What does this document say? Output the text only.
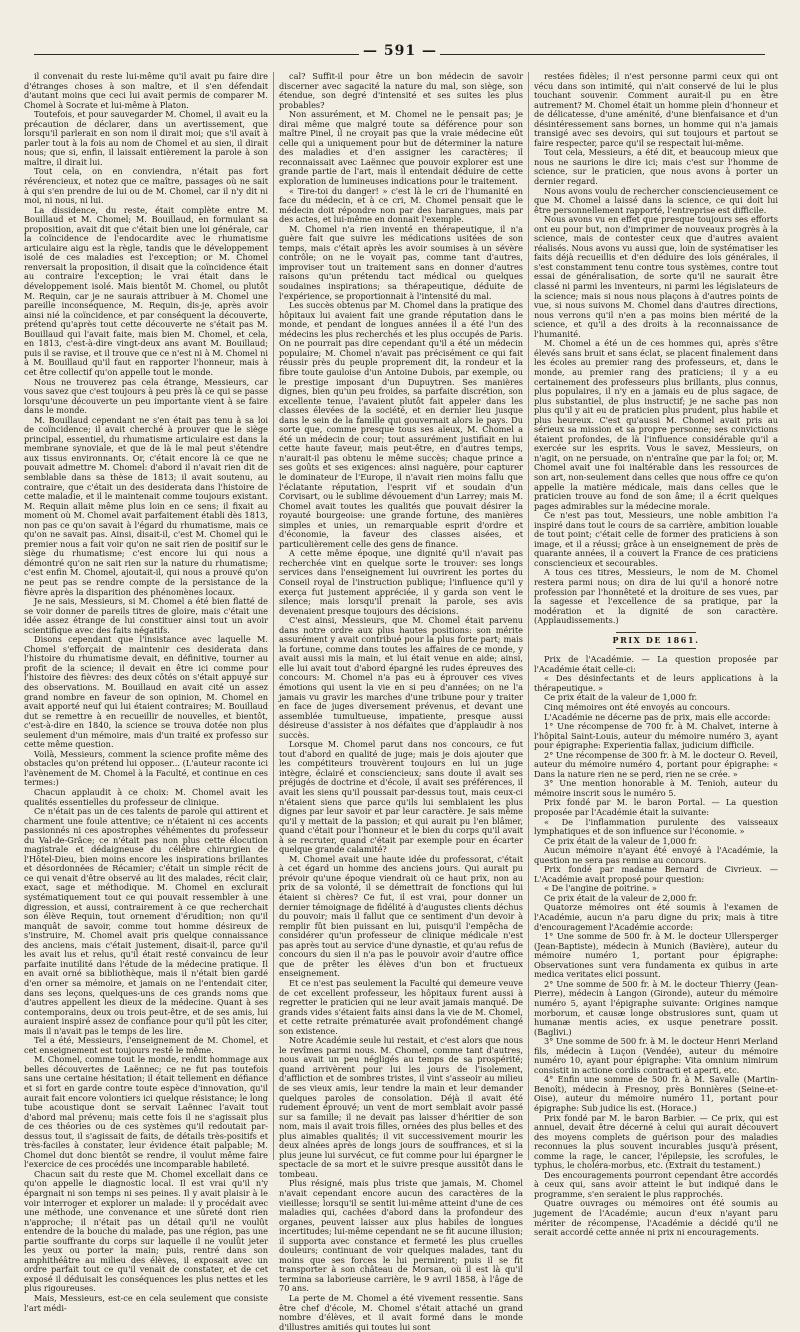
— 591 —

il convenait du reste lui-même qu'il avait pu faire dire d'étranges choses à son maître, et il s'en défendait d'autant moins que ceci lui avait permis de comparer M. Chomel à Socrate et lui-même à Platon.

Toutefois, et pour sauvegarder M. Chomel, il avait eu la précaution de déclarer, dans un avertissement, que lorsqu'il parlerait en son nom il dirait moi; que s'il avait à parler tout à la fois au nom de Chomel et au sien, il dirait nous; que si, enfin, il laissait entièrement la parole à son maître, il dirait lui.

Tout cela, on en conviendra, n'était pas fort révérencieux, et notez que ce maître, passages où ne sait à qui s'en prendre de lui ou de M. Chomel, car il n'y dit ni moi, ni nous, ni lui.

La dissidence, du reste, était complète entre M. Bouillaud et M. Chomel; M. Bouillaud, en formulant sa proposition, avait dit que c'était bien une loi générale, car la coïncidence de l'endocardite avec le rhumatisme articulaire aigu est la règle, tandis que le développement isolé de ces maladies est l'exception; or M. Chomel renversait la proposition, il disait que la coïncidence était au contraire l'exception; le vrai était dans le développement isolé. Mais bientôt M. Chomel, ou plutôt M. Requin, car je ne saurais attribuer à M. Chomel une pareille inconséquence, M. Requin, dis-je, après avoir ainsi nié la coïncidence, et par conséquent la découverte, prétend qu'après tout cette découverte ne s'était pas M. Bouillaud qui l'avait faite, mais bien M. Chomel, et cela, en 1813, c'est-à-dire vingt-deux ans avant M. Bouillaud; puis il se ravise, et il trouve que ce n'est ni à M. Chomel ni à M. Bouillaud qu'il faut en rapporter l'honneur, mais à cet être collectif qu'on appelle tout le monde.

Nous ne trouverez pas cela étrange, Messieurs, car vous savez que c'est toujours à peu près là ce qui se passe lorsqu'une découverte un peu importante vient à se faire dans le monde.

M. Bouillaud cependant ne s'en était pas tenu à sa loi de coïncidence; il avait cherché à prouver que le siège principal, essentiel, du rhumatisme articulaire est dans la membrane synoviale, et que de là le mal peut s'étendre aux tissus environnants. Or, c'était encore là ce que ne pouvait admettre M. Chomel: d'abord il n'avait rien dit de semblable dans sa thèse de 1813; il avait soutenu, au contraire, que c'était un des desiderata dans l'histoire de cette maladie, et il le maintenait comme toujours existant. M. Requin allait même plus loin en ce sens; il fixait au moment où M. Chomel avait parfaitement établi dès 1813, non pas ce qu'on savait à l'égard du rhumatisme, mais ce qu'on ne savait pas. Ainsi, disait-il, c'est M. Chomel qui le premier nous a fait voir qu'on ne sait rien de positif sur le siège du rhumatisme; c'est encore lui qui nous a démontré qu'on ne sait rien sur la nature du rhumatisme; c'est enfin M. Chomel, ajoutait-il, qui nous a prouvé qu'on ne peut pas se rendre compte de la persistance de la fièvre après la disparition des phénomènes locaux.

Je ne sais, Messieurs, si M. Chomel a été bien flatté de se voir donner de pareils titres de gloire, mais c'était une idée assez étrange de lui constituer ainsi tout un avoir scientifique avec des faits négatifs.

Disons cependant que l'insistance avec laquelle M. Chomel s'efforçait de maintenir ces desiderata dans l'histoire du rhumatisme devait, en définitive, tourner au profit de la science; il devait en être ici comme pour l'histoire des fièvres: des deux côtés on s'était appuyé sur des observations. M. Bouillaud en avait cité un assez grand nombre en faveur de son opinion, M. Chomel en avait apporté neuf qui lui étaient contraires; M. Bouillaud dut se remettre à en recueillir de nouvelles, et bientôt, c'est-à-dire en 1840, la science se trouva dotée non plus seulement d'un mémoire, mais d'un traité ex professo sur cette même question.

Voilà, Messieurs, comment la science profite même des obstacles qu'on prétend lui opposer... (L'auteur raconte ici l'avènement de M. Chomel à la Faculté, et continue en ces termes:)

Chacun applaudit à ce choix: M. Chomel avait les qualités essentielles du professeur de clinique.

Ce n'était pas un de ces talents de parole qui attirent et charment une foule attentive; ce n'étaient ni ces accents passionnés ni ces apostrophes véhémentes du professeur du Val-de-Grâce; ce n'était pas non plus cette élocution magistrale et dédaigneuse du célèbre chirurgien de l'Hôtel-Dieu, bien moins encore les inspirations brillantes et désordonnées de Récamier; c'était un simple récit de ce qui venait d'être observé au lit des malades, récit clair, exact, sage et méthodique. M. Chomel en exclurait systématiquement tout ce qui pouvait ressembler à une digression, et aussi, contrairement à ce que recherchait son élève Requin, tout ornement d'érudition; non qu'il manquât de savoir, comme tout homme désireux de s'instruire, M. Chomel avait pris quelque connaissance des anciens, mais c'était justement, disait-il, parce qu'il les avait lus et relus, qu'il était resté convaincu de leur parfaite inutilité dans l'étude de la médecine pratique. Il en avait orné sa bibliothèque, mais il n'était bien gardé d'en orner sa mémoire, et jamais on ne l'entendait citer, dans ses leçons, quelques-uns de ces grands noms que d'autres appellent les dieux de la médecine. Quant à ses contemporains, deux ou trois peut-être, et de ses amis, lui auraient inspiré assez de confiance pour qu'il pût les citer, mais il n'avait pas le temps de les lire.

Tel a été, Messieurs, l'enseignement de M. Chomel, et cet enseignement est toujours resté le même.

M. Chomel, comme tout le monde, rendit hommage aux belles découvertes de Laënnec; ce ne fut pas toutefois sans une certaine hésitation; il était tellement en défiance et si fort en garde contre toute espèce d'innovation, qu'il aurait fait encore volontiers ici quelque résistance; le long tube acoustique dont se servait Laënnec l'avait tout d'abord mal prévenu; mais cette fois il ne s'agissait plus de ces théories ou de ces systèmes qu'il redoutait par-dessus tout, il s'agissait de faits, de détails très-positifs et très-faciles à constater, leur évidence était palpable; M. Chomel dut donc bientôt se rendre, il voulut même faire l'exercice de ces procédés une incomparable habileté.

Chacun sait du reste que M. Chomel excellait dans ce qu'on appelle le diagnostic local. Il est vrai qu'il n'y épargnait ni son temps ni ses peines. Il y avait plaisir à le voir interroger et explorer un malade: il y procédait avec une méthode, une convenance et une sûreté dont rien n'approche; il n'était pas un détail qu'il ne voulût entendre de la bouche du malade, pas une région, pas une partie souffrante du corps sur laquelle il ne voulût jeter les yeux ou porter la main; puis, rentré dans son amphithéâtre au milieu des élèves, il exposait avec un ordre parfait tout ce qu'il venait de constater, et de cet exposé il déduisait les conséquences les plus nettes et les plus rigoureuses.

Mais, Messieurs, est-ce en cela seulement que consiste l'art médi-

cal? Suffit-il pour être un bon médecin de savoir discerner avec sagacité la nature du mal, son siège, son étendue, son degré d'intensité et ses suites les plus probables?

Non assurément, et M. Chomel ne le pensait pas; je dirai même que malgré toute sa déférence pour son maître Pinel, il ne croyait pas que la vraie médecine eût celle qui a uniquement pour but de déterminer la nature des maladies et d'en assigner les caractères; il reconnaissait avec Laënnec que pouvoir explorer est une grande partie de l'art, mais il entendait déduire de cette exploration de lumineuses indications pour le traitement.

« Tire-toi du danger! » c'est là le cri de l'humanité en face du médecin, et à ce cri, M. Chomel pensait que le médecin doit répondre non par des harangues, mais par des actes, et lui-même en donnait l'exemple.

M. Chomel n'a rien inventé en thérapeutique, il n'a guère fait que suivre les médications usitées de son temps, mais c'était après les avoir soumises à un sévère contrôle; on ne le voyait pas, comme tant d'autres, improviser tout un traitement sans en donner d'autres raisons qu'un prétendu tact médical ou quelques soudaines inspirations; sa thérapeutique, déduite de l'expérience, se proportionnait à l'intensité du mal.

Les succès obtenus par M. Chomel dans la pratique des hôpitaux lui avaient fait une grande réputation dans le monde, et pendant de longues années il a été l'un des médecins les plus recherchés et les plus occupés de Paris. On ne pourrait pas dire cependant qu'il a été un médecin populaire; M. Chomel n'avait pas précisément ce qui fait réussir près du peuple proprement dit, la rondeur et la fibre toute gauloise d'un Antoine Dubois, par exemple, ou le prestige imposant d'un Dupuytren. Ses manières dignes, bien qu'un peu froides, sa parfaite discrétion, son excellente tenue, l'avaient plutôt fait appeler dans les classes élevées de la société, et en dernier lieu jusque dans le sein de la famille qui gouvernait alors le pays. Du sorte que, comme presque tous ses aïeux, M. Chomel a été un médecin de cour; tout assurément justifiait en lui cette haute faveur, mais peut-être, en d'autres temps, n'aurait-il pas obtenu le même succès; chaque prince a ses goûts et ses exigences: ainsi naguère, pour capturer le dominateur de l'Europe, il n'avait rien moins fallu que l'éclatante réputation, l'esprit vif et soudain d'un Corvisart, ou le sublime dévouement d'un Larrey; mais M. Chomel avait toutes les qualités que pouvait désirer la royauté bourgeoise: une grande fortune, des manières simples et unies, un remarquable esprit d'ordre et d'économie, la faveur des classes aisées, et particulièrement celle des gens de finance.

A cette même époque, une dignité qu'il n'avait pas recherchée vint en quelque sorte le trouver: ses longs services dans l'enseignement lui ouvrirent les portes du Conseil royal de l'instruction publique; l'influence qu'il y exerça fut justement appréciée, il y garda son vent le silence; mais lorsqu'il prenait la parole, ses avis devenaient presque toujours des décisions.

C'est ainsi, Messieurs, que M. Chomel était parvenu dans notre ordre aux plus hautes positions: son mérite assurément y avait contribué pour la plus forte part; mais la fortune, comme dans toutes les affaires de ce monde, y avait aussi mis la main, et lui était venue en aide; ainsi, elle lui avait tout d'abord épargné les rudes épreuves des concours: M. Chomel n'a pas eu à éprouver ces vives émotions qui usent la vie en si peu d'années; on ne l'a jamais vu gravir les marches d'une tribune pour y traiter en face de juges diversement prévenus, et devant une assemblée tumultueuse, impatiente, presque aussi désireuse d'assister à nos défaites que d'applaudir à nos succès.

Lorsque M. Chomel parut dans nos concours, ce fut tout d'abord en qualité de juge; mais je dois ajouter que les compétiteurs trouvèrent toujours en lui un juge intègre, éclairé et consciencieux; sans doute il avait ses préjugés de doctrine et d'école, il avait ses préférences, il avait les siens qu'il poussait par-dessus tout, mais ceux-ci n'étaient siens que parce qu'ils lui semblaient les plus dignes par leur savoir et par leur caractère. Je sais même qu'il y mettait de la passion; et qui aurait pu l'en blâmer, quand c'était pour l'honneur et le bien du corps qu'il avait à se recruter, quand c'était par exemple pour en écarter quelque grande calamité?

M. Chomel avait une haute idée du professorat, c'était à cet égard un homme des anciens jours. Qui aurait pu prévoir qu'une époque viendrait où ce haut prix, non au prix de sa volonté, il se démettrait de fonctions qui lui étaient si chères? Ce fut, il est vrai, pour donner un dernier témoignage de fidélité à d'augustes clients déchus du pouvoir; mais il fallut que ce sentiment d'un devoir à remplir fût bien puissant en lui, puisqu'il l'empêcha de considérer qu'un professeur de clinique médicale n'est pas après tout au service d'une dynastie, et qu'au refus de concours du sien il n'a pas le pouvoir avoir d'autre office que de prêter les élèves d'un bon et fructueux enseignement.

Et ce n'est pas seulement la Faculté qui demeure veuve de cet excellent professeur, les hôpitaux furent aussi à regretter le praticien qui ne leur avait jamais manqué. De grands vides s'étaient faits ainsi dans la vie de M. Chomel, et cette retraite prématurée avait profondément changé son existence.

Notre Académie seule lui restait, et c'est alors que nous le revîmes parmi nous. M. Chomel, comme tant d'autres, nous avait un peu négligés au temps de sa prospérité; quand arrivèrent pour lui les jours de l'isolement, d'affliction et de sombres tristes, il vint s'asseoir au milieu de ses vieux amis, leur tendre la main et leur demander quelques paroles de consolation. Déjà il avait été rudement éprouvé; un vent de mort semblait avoir passé sur sa famille; il ne devait pas laisser d'héritier de son nom, mais il avait trois filles, ornées des plus belles et des plus aimables qualités; il vit successivement mourir les deux aînées après de longs jours de souffrances, et si la plus jeune lui survécut, ce fut comme pour lui épargner le spectacle de sa mort et le suivre presque aussitôt dans le tombeau.

Plus résigné, mais plus triste que jamais, M. Chomel n'avait cependant encore aucun des caractères de la vieillesse; lorsqu'il se sentit lui-même atteint d'une de ces maladies qui, cachées d'abord dans la profondeur des organes, peuvent laisser aux plus habiles de longues incertitudes; lui-même cependant ne se fit aucune illusion; il supporta avec constance et fermeté les plus cruelles douleurs; continuant de voir quelques malades, tant du moins que ses forces le lui permirent; puis il se fit transporter à son château de Morsan, où il est là qu'il termina sa laborieuse carrière, le 9 avril 1858, à l'âge de 70 ans.

La perte de M. Chomel a été vivement ressentie. Sans être chef d'école, M. Chomel s'était attaché un grand nombre d'élèves, et il avait formé dans le monde d'illustres amitiés qui toutes lui sont

restées fidèles; il n'est personne parmi ceux qui ont vécu dans son intimité, qui n'ait conservé de lui le plus touchant souvenir. Comment aurait-il pu en être autrement? M. Chomel était un homme plein d'honneur et de délicatesse, d'une aménité, d'une bienfaisance et d'un désintéressement sans bornes, un homme qui n'a jamais transigé avec ses devoirs, qui sut toujours et partout se faire respecter, parce qu'il se respectait lui-même.

Tout cela, Messieurs, a été dit, et beaucoup mieux que nous ne saurions le dire ici; mais c'est sur l'homme de science, sur le praticien, que nous avons à porter un dernier regard.

Nous avons voulu de rechercher consciencieusement ce que M. Chomel a laissé dans la science, ce qui doit lui être personnellement rapporté, l'entreprise est difficile.

Nous avons vu en effet que presque toujours ses efforts ont eu pour but, non d'imprimer de nouveaux progrès à la science, mais de contester ceux que d'autres avaient réalisés. Nous avons vu aussi que, loin de systématiser les faits déjà recueillis et d'en déduire des lois générales, il s'est constamment tenu contre tous systèmes, contre tout essai de généralisation, de sorte qu'il ne saurait être classé ni parmi les inventeurs, ni parmi les législateurs de la science; mais si nous nous plaçons à d'autres points de vue, si nous suivons M. Chomel dans d'autres directions, nous verrons qu'il n'en a pas moins bien mérité de la science, et qu'il a des droits à la reconnaissance de l'humanité.

M. Chomel a été un de ces hommes qui, après s'être élevés sans bruit et sans éclat, se placent finalement dans les écoles au premier rang des professeurs, et, dans le monde, au premier rang des praticiens; il y a eu certainement des professeurs plus brillants, plus connus, plus populaires, il n'y en a jamais eu de plus sagace, de plus substantiel, de plus instructif; je ne sache pas non plus qu'il y ait eu de praticien plus prudent, plus habile et plus heureux. C'est qu'aussi M. Chomel avait pris au sérieux sa mission et sa propre personne; ses convictions étaient profondes, de là l'influence considérable qu'il a exercée sur les esprits. Vous le savez, Messieurs, on n'agit, on ne persuade, on n'entraîne que par la foi; or, M. Chomel avait une foi inaltérable dans les ressources de son art, non-seulement dans celles que nous offre ce qu'on appelle la matière médicale, mais dans celles que le praticien trouve au fond de son âme; il a écrit quelques pages admirables sur la médecine morale.

Ce n'est pas tout, Messieurs, une noble ambition l'a inspiré dans tout le cours de sa carrière, ambition louable de tout point; c'était celle de former des praticiens à son image, et il a réussi; grâce à un enseignement de près de quarante années, il a couvert la France de ces praticiens consciencieux et secourables.

A tous ces titres, Messieurs, le nom de M. Chomel restera parmi nous; on dira de lui qu'il a honoré notre profession par l'honnêteté et la droiture de ses vues, par la sagesse et l'excellence de sa pratique, par la modération et la dignité de son caractère. (Applaudissements.)

PRIX DE 1861.

Prix de l'Académie. — La question proposée par l'Académie était celle-ci:

« Des désinfectants et de leurs applications à la thérapeutique. »

Ce prix était de la valeur de 1,000 fr.

Cinq mémoires ont été envoyés au concours.

L'Académie ne décerne pas de prix, mais elle accorde:

1° Une récompense de 700 fr. à M. Chalvet, interne à l'hôpital Saint-Louis, auteur du mémoire numéro 3, ayant pour épigraphe: Experientia fallax, judicium difficile.

2° Une récompense de 300 fr. à M. le docteur O. Reveil, auteur du mémoire numéro 4, portant pour épigraphe: « Dans la nature rien ne se perd, rien ne se crée. »

3° Une mention honorable à M. Tenioh, auteur du mémoire inscrit sous le numéro 5.

Prix fondé par M. le baron Portal. — La question proposée par l'Académie était la suivante:

« De l'inflammation purulente des vaisseaux lymphatiques et de son influence sur l'économie. »

Ce prix était de la valeur de 1,000 fr.

Aucun mémoire n'ayant été envoyé à l'Académie, la question ne sera pas remise au concours.

Prix fondé par madame Bernard de Civrieux. — L'Académie avait proposé pour question:

« De l'angine de poitrine. »

Ce prix était de la valeur de 2,000 fr.

Quatorze mémoires ont été soumis à l'examen de l'Académie, aucun n'a paru digne du prix; mais à titre d'encouragement l'Académie accorde:

1° Une somme de 500 fr. à M. le docteur Ullersperger (Jean-Baptiste), médecin à Munich (Bavière), auteur du mémoire numéro 1, portant pour épigraphe: Observationes sunt vera fundamenta ex quibus in arte medica veritates elici possunt.

2° Une somme de 500 fr. à M. le docteur Thierry (Jean-Pierre), médecin à Langon (Gironde), auteur du mémoire numéro 5, ayant l'épigraphe suivante: Origines namque morborum, et causæ longe obstrusiores sunt, quam ut humanæ mentis acies, ex usque penetrare possit. (Baglivi.)

3° Une somme de 500 fr. à M. le docteur Henri Merland fils, médecin à Luçon (Vendée), auteur du mémoire numéro 10, ayant pour épigraphe: Vita omnium nimirum consistit in actione cordis contracti et aperti, etc.

4° Enfin une somme de 500 fr. à M. Savalle (Martin-Benoît), médecin à Fresnoy, près Bonnières (Seine-et-Oise), auteur du mémoire numéro 11, portant pour épigraphe: Sub judice lis est. (Horace.)

Prix fondé par M. le baron Barbier. — Ce prix, qui est annuel, devait être décerné à celui qui aurait découvert des moyens complets de guérison pour des maladies reconnues la plus souvent incurables jusqu'à présent, comme la rage, le cancer, l'épilepsie, les scrofules, le typhus, le choléra-morbus, etc. (Extrait du testament.)

Des encouragements pourront cependant être accordés à ceux qui, sans avoir atteint le but indiqué dans le programme, s'en seraient le plus rapprochés.

Quatre ouvrages ou mémoires ont été soumis au jugement de l'Académie; aucun d'eux n'ayant paru mériter de récompense, l'Académie a décidé qu'il ne serait accordé cette année ni prix ni encouragements.
